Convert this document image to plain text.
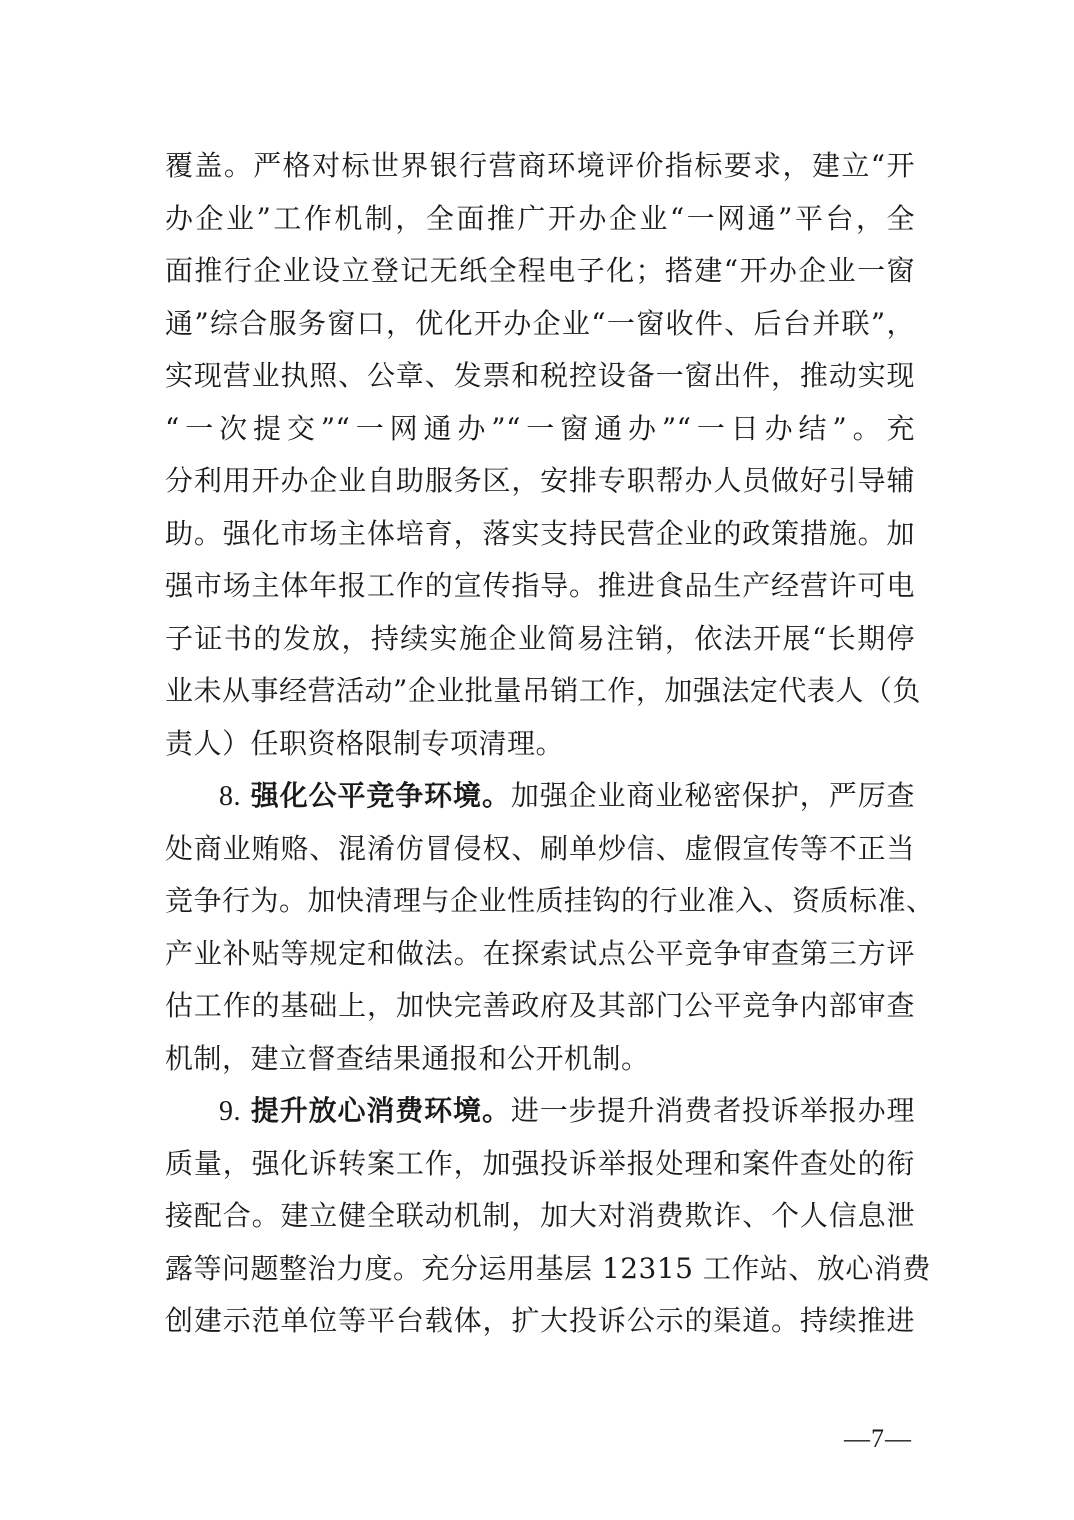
覆盖。严格对标世界银行营商环境评价指标要求，建立“开
办企业”工作机制，全面推广开办企业“一网通”平台，全
面推行企业设立登记无纸全程电子化；搭建“开办企业一窗
通”综合服务窗口，优化开办企业“一窗收件、后台并联”，
实现营业执照、公章、发票和税控设备一窗出件，推动实现
“一次提交”“一网通办”“一窗通办”“一日办结”。充
分利用开办企业自助服务区，安排专职帮办人员做好引导辅
助。强化市场主体培育，落实支持民营企业的政策措施。加
强市场主体年报工作的宣传指导。推进食品生产经营许可电
子证书的发放，持续实施企业简易注销，依法开展“长期停
业未从事经营活动”企业批量吊销工作，加强法定代表人（负
责人）任职资格限制专项清理。
8. 强化公平竞争环境。加强企业商业秘密保护，严厉查
处商业贿赂、混淆仿冒侵权、刷单炒信、虚假宣传等不正当
竞争行为。加快清理与企业性质挂钩的行业准入、资质标准、
产业补贴等规定和做法。在探索试点公平竞争审查第三方评
估工作的基础上，加快完善政府及其部门公平竞争内部审查
机制，建立督查结果通报和公开机制。
9. 提升放心消费环境。进一步提升消费者投诉举报办理
质量，强化诉转案工作，加强投诉举报处理和案件查处的衔
接配合。建立健全联动机制，加大对消费欺诈、个人信息泄
露等问题整治力度。充分运用基层 12315 工作站、放心消费
创建示范单位等平台载体，扩大投诉公示的渠道。持续推进
—7—
